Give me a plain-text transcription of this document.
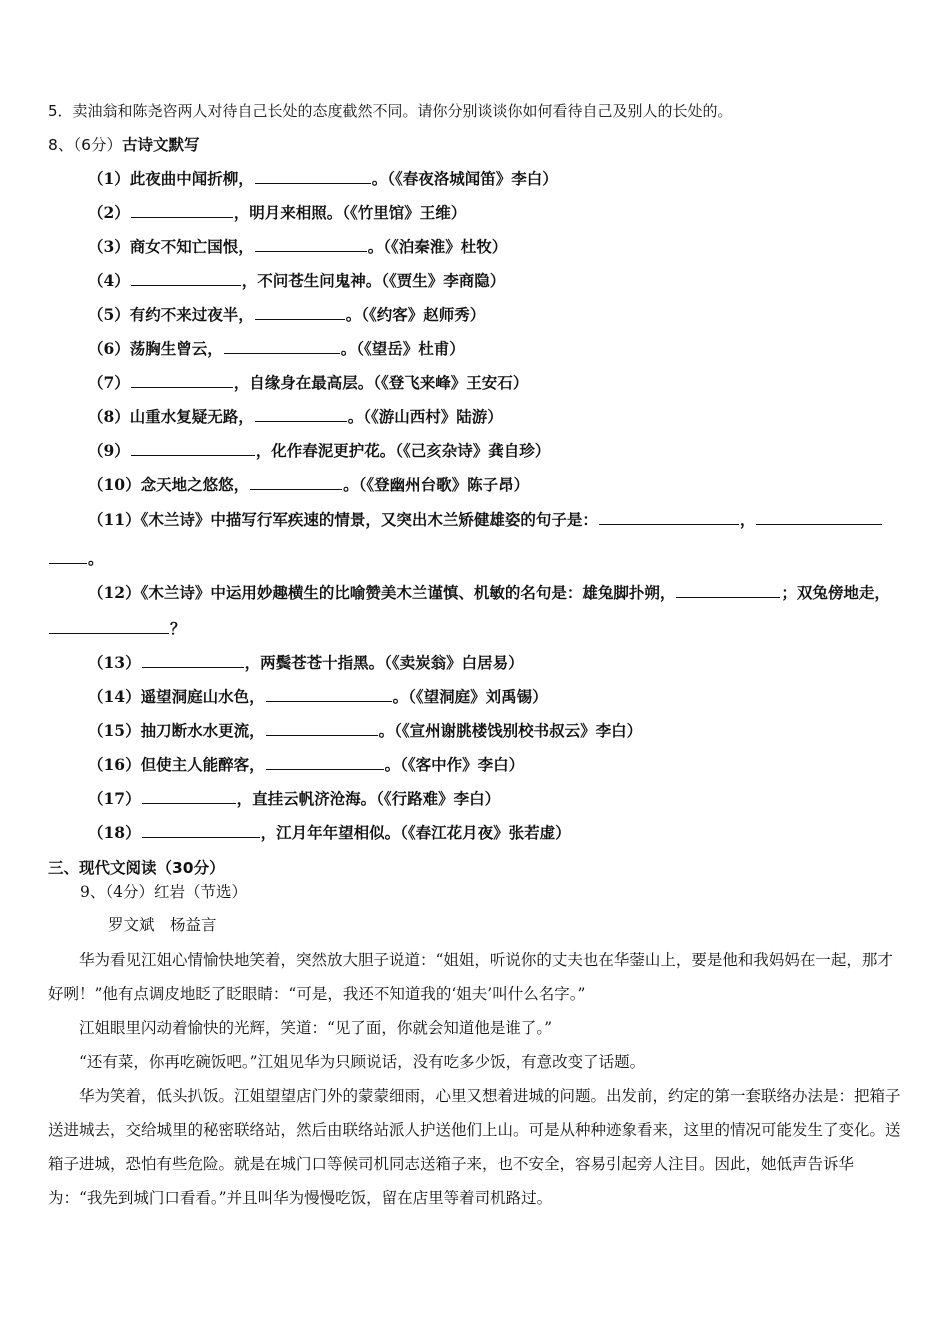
5．卖油翁和陈尧咨两人对待自己长处的态度截然不同。请你分别谈谈你如何看待自己及别人的长处的。
8、（6分）古诗文默写
（1）此夜曲中闻折柳，	。（《春夜洛城闻笛》李白）
（2）	，明月来相照。（《竹里馆》王维）
（3）商女不知亡国恨，	。（《泊秦淮》杜牧）
（4）	，不问苍生问鬼神。（《贾生》李商隐）
（5）有约不来过夜半，	。（《约客》赵师秀）
（6）荡胸生曾云，	。（《望岳》杜甫）
（7）	，自缘身在最高层。（《登飞来峰》王安石）
（8）山重水复疑无路，	。（《游山西村》陆游）
（9）	，化作春泥更护花。（《己亥杂诗》龚自珍）
（10）念天地之悠悠，	。（《登幽州台歌》陈子昂）
（11）《木兰诗》中描写行军疾速的情景，又突出木兰矫健雄姿的句子是：	，
。
（12）《木兰诗》中运用妙趣横生的比喻赞美木兰谨慎、机敏的名句是：雄兔脚扑朔，	；双兔傍地走，
？
（13）	，两鬓苍苍十指黑。（《卖炭翁》白居易）
（14）遥望洞庭山水色，	。（《望洞庭》刘禹锡）
（15）抽刀断水水更流，	。（《宣州谢朓楼饯别校书叔云》李白）
（16）但使主人能醉客，	。（《客中作》李白）
（17）	，直挂云帆济沧海。（《行路难》李白）
（18）	，江月年年望相似。（《春江花月夜》张若虚）
三、现代文阅读（30分）
9、（4分）红岩（节选）
罗文斌　杨益言

华为看见江姐心情愉快地笑着，突然放大胆子说道：“姐姐，听说你的丈夫也在华蓥山上，要是他和我妈妈在一起，那才好咧！”他有点调皮地眨了眨眼睛：“可是，我还不知道我的‘姐夫’叫什么名字。”

江姐眼里闪动着愉快的光辉，笑道：“见了面，你就会知道他是谁了。”

“还有菜，你再吃碗饭吧。”江姐见华为只顾说话，没有吃多少饭，有意改变了话题。

华为笑着，低头扒饭。江姐望望店门外的蒙蒙细雨，心里又想着进城的问题。出发前，约定的第一套联络办法是：把箱子送进城去，交给城里的秘密联络站，然后由联络站派人护送他们上山。可是从种种迹象看来，这里的情况可能发生了变化。送箱子进城，恐怕有些危险。就是在城门口等候司机同志送箱子来，也不安全，容易引起旁人注目。因此，她低声告诉华为：“我先到城门口看看。”并且叫华为慢慢吃饭，留在店里等着司机路过。
